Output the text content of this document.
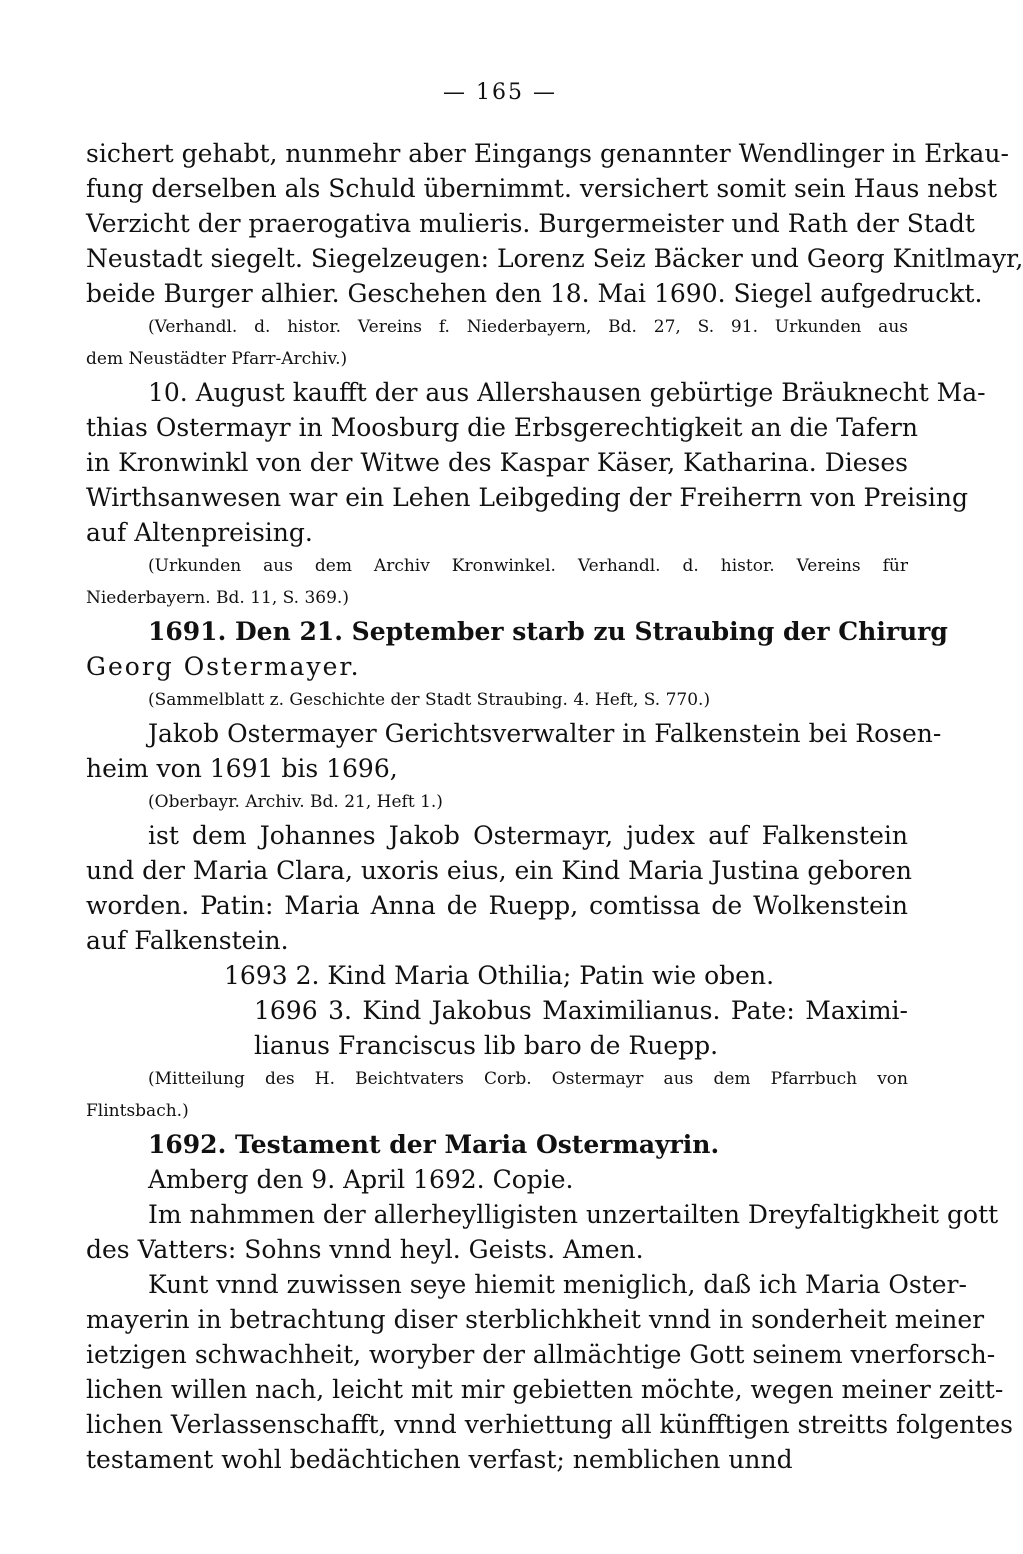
— 165 —
sichert gehabt, nunmehr aber Eingangs genannter Wendlinger in Erkau-
fung derselben als Schuld übernimmt. versichert somit sein Haus nebst
Verzicht der praerogativa mulieris. Burgermeister und Rath der Stadt
Neustadt siegelt. Siegelzeugen: Lorenz Seiz Bäcker und Georg Knitlmayr,
beide Burger alhier. Geschehen den 18. Mai 1690. Siegel aufgedruckt.
(Verhandl. d. histor. Vereins f. Niederbayern, Bd. 27, S. 91. Urkunden aus
dem Neustädter Pfarr-Archiv.)
10. August kaufft der aus Allershausen gebürtige Bräuknecht Ma-
thias Ostermayr in Moosburg die Erbsgerechtigkeit an die Tafern
in Kronwinkl von der Witwe des Kaspar Käser, Katharina. Dieses
Wirthsanwesen war ein Lehen Leibgeding der Freiherrn von Preising
auf Altenpreising.
(Urkunden aus dem Archiv Kronwinkel. Verhandl. d. histor. Vereins für
Niederbayern. Bd. 11, S. 369.)
1691. Den 21. September starb zu Straubing der Chirurg
Georg Ostermayer.
(Sammelblatt z. Geschichte der Stadt Straubing. 4. Heft, S. 770.)
Jakob Ostermayer Gerichtsverwalter in Falkenstein bei Rosen-
heim von 1691 bis 1696,
(Oberbayr. Archiv. Bd. 21, Heft 1.)
ist dem Johannes Jakob Ostermayr, judex auf Falkenstein
und der Maria Clara, uxoris eius, ein Kind Maria Justina geboren
worden. Patin: Maria Anna de Ruepp, comtissa de Wolkenstein
auf Falkenstein.
1693 2. Kind Maria Othilia; Patin wie oben.
1696 3. Kind Jakobus Maximilianus. Pate: Maximi-
lianus Franciscus lib baro de Ruepp.
(Mitteilung des H. Beichtvaters Corb. Ostermayr aus dem Pfarrbuch von
Flintsbach.)
1692. Testament der Maria Ostermayrin.
Amberg den 9. April 1692. Copie.
Im nahmmen der allerheylligisten unzertailten Dreyfaltigkheit gott
des Vatters: Sohns vnnd heyl. Geists. Amen.
Kunt vnnd zuwissen seye hiemit meniglich, daß ich Maria Oster-
mayerin in betrachtung diser sterblichkheit vnnd in sonderheit meiner
ietzigen schwachheit, woryber der allmächtige Gott seinem vnerforsch-
lichen willen nach, leicht mit mir gebietten möchte, wegen meiner zeitt-
lichen Verlassenschafft, vnnd verhiettung all künfftigen streitts folgentes
testament wohl bedächtichen verfast; nemblichen unnd
